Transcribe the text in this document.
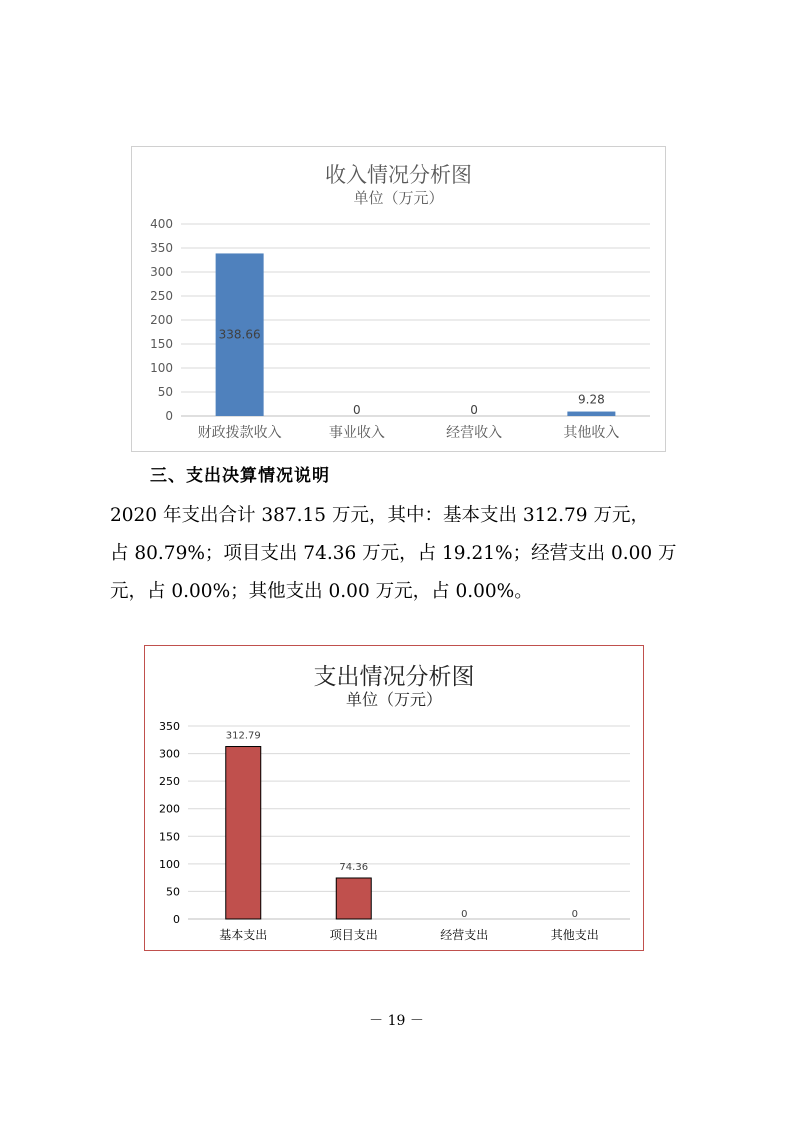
0
50
100
150
200
250
300
350
400
338.66
财政拨款收入
0
事业收入
0
经营收入
9.28
其他收入
收入情况分析图
单位（万元）
三、支出决算情况说明
2020 年支出合计 387.15 万元，其中：基本支出 312.79 万元，
占 80.79%；项目支出 74.36 万元，占 19.21%；经营支出 0.00 万
元，占 0.00%；其他支出 0.00 万元，占 0.00%。
0
50
100
150
200
250
300
350
312.79
基本支出
74.36
项目支出
0
经营支出
0
其他支出
支出情况分析图
单位（万元）
－ 19 －
